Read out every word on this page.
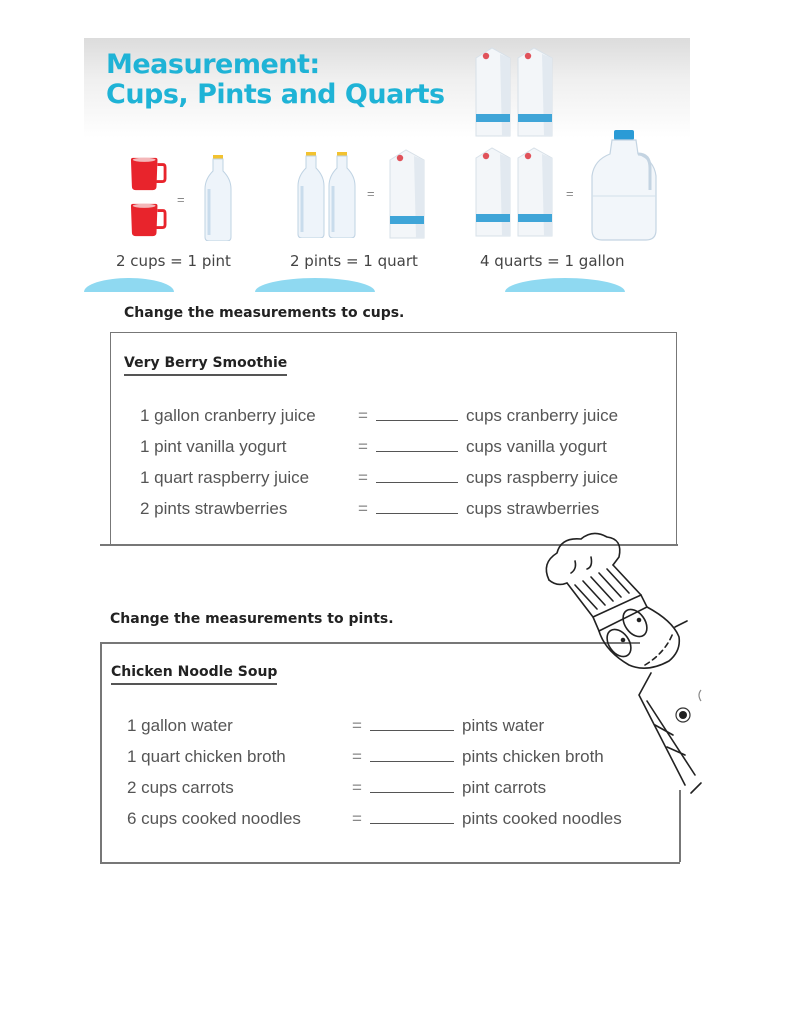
Measurement:
Cups, Pints and Quarts
=
2 cups = 1 pint
=
2 pints = 1 quart
=
4 quarts = 1 gallon
Change the measurements to cups.
Very Berry Smoothie
1 gallon cranberry juice	=	cups cranberry juice
1 pint vanilla yogurt	=	cups vanilla yogurt
1 quart raspberry juice	=	cups raspberry juice
2 pints strawberries	=	cups strawberries
Change the measurements to pints.
Chicken Noodle Soup
1 gallon water	=	pints water
1 quart chicken broth	=	pints chicken broth
2 cups carrots	=	pint carrots
6 cups cooked noodles	=	pints cooked noodles
